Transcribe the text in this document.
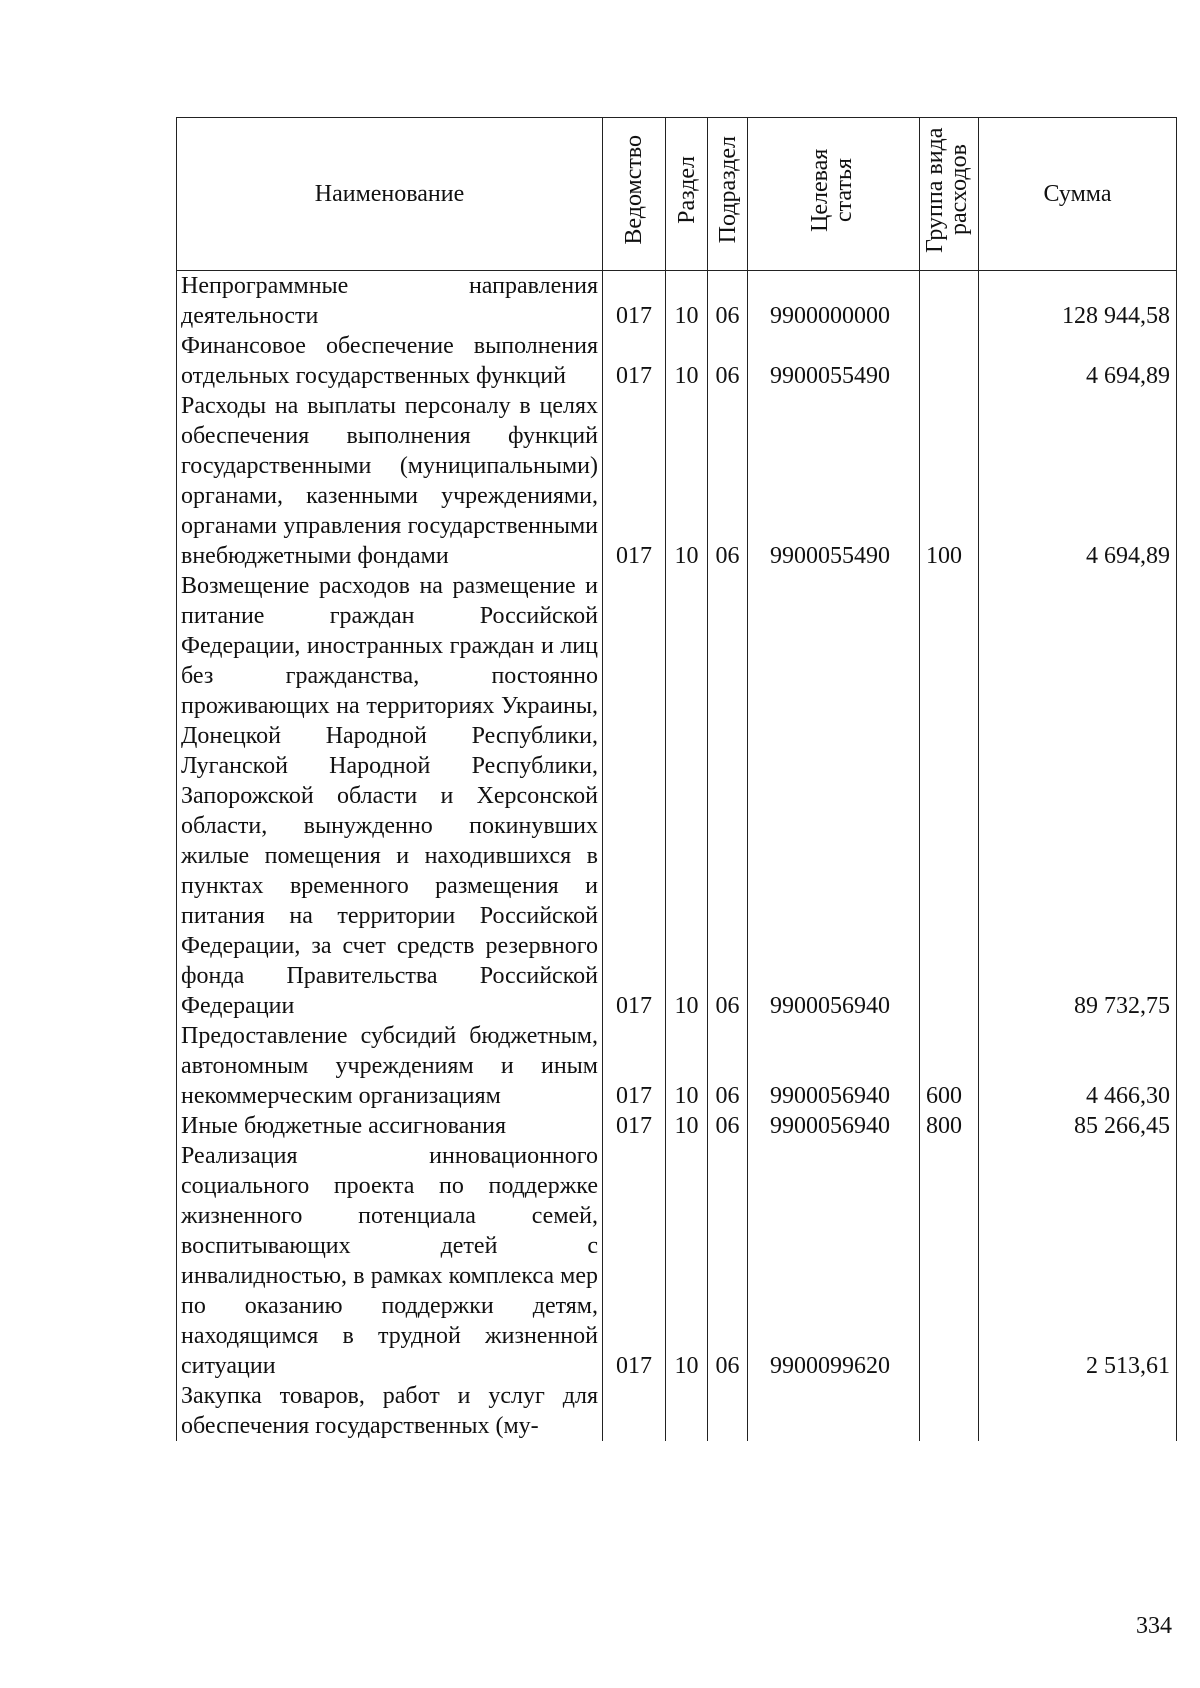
Наименование	Ведомство	Раздел	Подраздел	Целевая статья	Группа вида расходов	Сумма
Непрограммные направления деятельности	017	10	06	9900000000		128 944,58
Финансовое обеспечение выполнения отдельных государственных функций	017	10	06	9900055490		4 694,89
Расходы на выплаты персоналу в целях обеспечения выполнения функций государственными (муниципальными) органами, казенными учреждениями, органами управления государственными внебюджетными фондами	017	10	06	9900055490	100	4 694,89
Возмещение расходов на размещение и питание граждан Российской Федерации, иностранных граждан и лиц без гражданства, постоянно проживающих на территориях Украины, Донецкой Народной Республики, Луганской Народной Республики, Запорожской области и Херсонской области, вынужденно покинувших жилые помещения и находившихся в пунктах временного размещения и питания на территории Российской Федерации, за счет средств резервного фонда Правительства Российской Федерации	017	10	06	9900056940		89 732,75
Предоставление субсидий бюджетным, автономным учреждениям и иным некоммерческим организациям	017	10	06	9900056940	600	4 466,30
Иные бюджетные ассигнования	017	10	06	9900056940	800	85 266,45
Реализация инновационного социального проекта по поддержке жизненного потенциала семей, воспитывающих детей с инвалидностью, в рамках комплекса мер по оказанию поддержки детям, находящимся в трудной жизненной ситуации	017	10	06	9900099620		2 513,61
Закупка товаров, работ и услуг для обеспечения государственных (му-						
334
